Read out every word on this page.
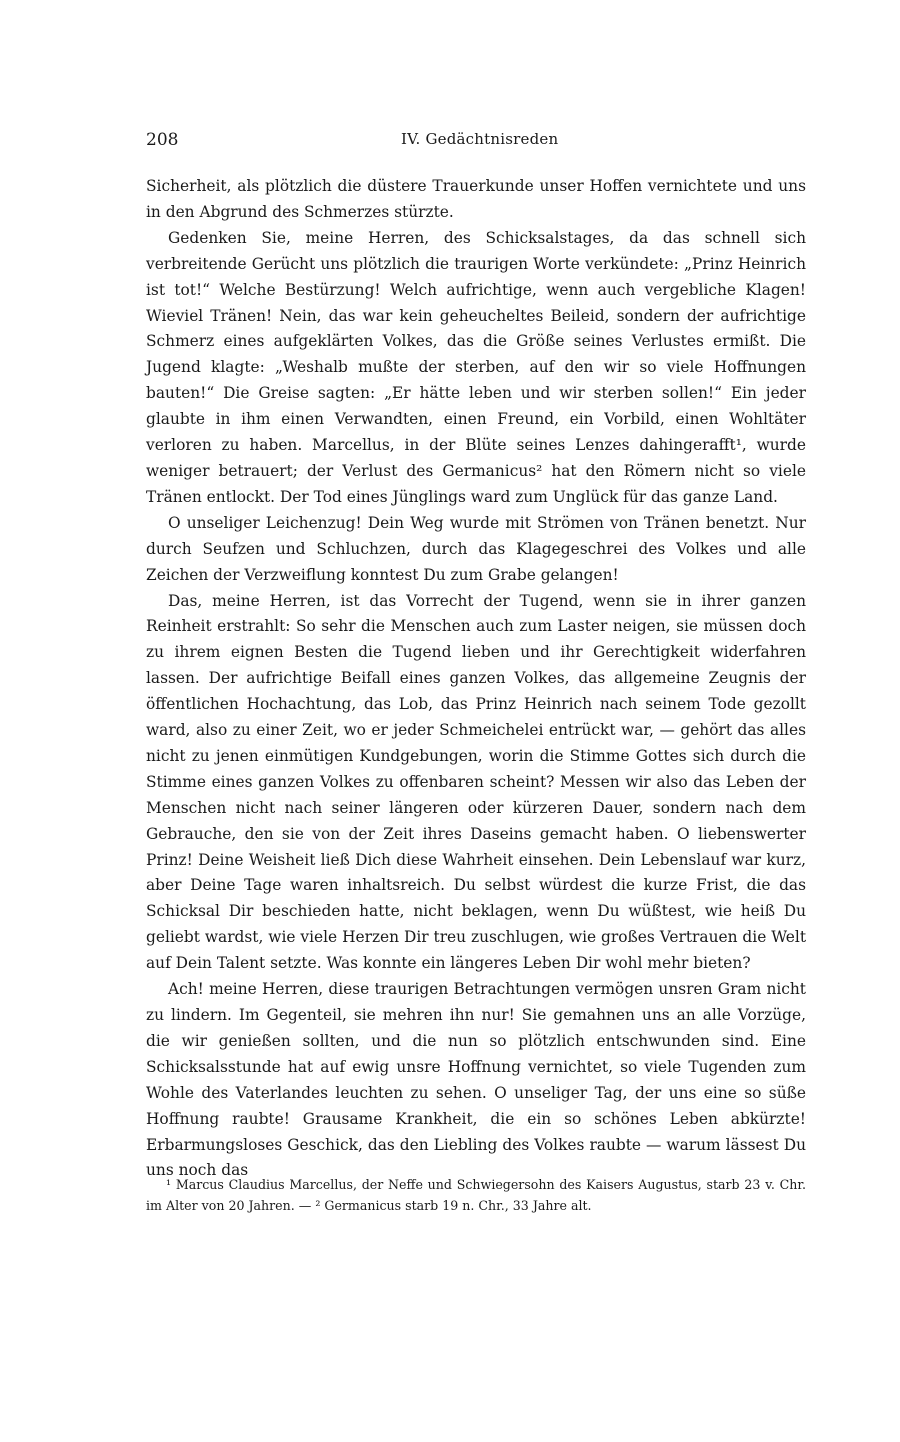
208	IV. Gedächtnisreden

Sicherheit, als plötzlich die düstere Trauerkunde unser Hoffen vernichtete und uns in den Abgrund des Schmerzes stürzte.

Gedenken Sie, meine Herren, des Schicksalstages, da das schnell sich verbreitende Gerücht uns plötzlich die traurigen Worte verkündete: „Prinz Heinrich ist tot!“ Welche Bestürzung! Welch aufrichtige, wenn auch vergebliche Klagen! Wieviel Tränen! Nein, das war kein geheucheltes Beileid, sondern der aufrichtige Schmerz eines aufgeklärten Volkes, das die Größe seines Verlustes ermißt. Die Jugend klagte: „Weshalb mußte der sterben, auf den wir so viele Hoffnungen bauten!“ Die Greise sagten: „Er hätte leben und wir sterben sollen!“ Ein jeder glaubte in ihm einen Verwandten, einen Freund, ein Vorbild, einen Wohltäter verloren zu haben. Marcellus, in der Blüte seines Lenzes dahingerafft¹, wurde weniger betrauert; der Verlust des Germanicus² hat den Römern nicht so viele Tränen entlockt. Der Tod eines Jünglings ward zum Unglück für das ganze Land.

O unseliger Leichenzug! Dein Weg wurde mit Strömen von Tränen benetzt. Nur durch Seufzen und Schluchzen, durch das Klagegeschrei des Volkes und alle Zeichen der Verzweiflung konntest Du zum Grabe gelangen!

Das, meine Herren, ist das Vorrecht der Tugend, wenn sie in ihrer ganzen Reinheit erstrahlt: So sehr die Menschen auch zum Laster neigen, sie müssen doch zu ihrem eignen Besten die Tugend lieben und ihr Gerechtigkeit widerfahren lassen. Der aufrichtige Beifall eines ganzen Volkes, das allgemeine Zeugnis der öffentlichen Hochachtung, das Lob, das Prinz Heinrich nach seinem Tode gezollt ward, also zu einer Zeit, wo er jeder Schmeichelei entrückt war, — gehört das alles nicht zu jenen einmütigen Kundgebungen, worin die Stimme Gottes sich durch die Stimme eines ganzen Volkes zu offenbaren scheint? Messen wir also das Leben der Menschen nicht nach seiner längeren oder kürzeren Dauer, sondern nach dem Gebrauche, den sie von der Zeit ihres Daseins gemacht haben. O liebenswerter Prinz! Deine Weisheit ließ Dich diese Wahrheit einsehen. Dein Lebenslauf war kurz, aber Deine Tage waren inhaltsreich. Du selbst würdest die kurze Frist, die das Schicksal Dir beschieden hatte, nicht beklagen, wenn Du wüßtest, wie heiß Du geliebt wardst, wie viele Herzen Dir treu zuschlugen, wie großes Vertrauen die Welt auf Dein Talent setzte. Was konnte ein längeres Leben Dir wohl mehr bieten?

Ach! meine Herren, diese traurigen Betrachtungen vermögen unsren Gram nicht zu lindern. Im Gegenteil, sie mehren ihn nur! Sie gemahnen uns an alle Vorzüge, die wir genießen sollten, und die nun so plötzlich entschwunden sind. Eine Schicksalsstunde hat auf ewig unsre Hoffnung vernichtet, so viele Tugenden zum Wohle des Vaterlandes leuchten zu sehen. O unseliger Tag, der uns eine so süße Hoffnung raubte! Grausame Krankheit, die ein so schönes Leben abkürzte! Erbarmungsloses Geschick, das den Liebling des Volkes raubte — warum lässest Du uns noch das

¹ Marcus Claudius Marcellus, der Neffe und Schwiegersohn des Kaisers Augustus, starb 23 v. Chr. im Alter von 20 Jahren. — ² Germanicus starb 19 n. Chr., 33 Jahre alt.
